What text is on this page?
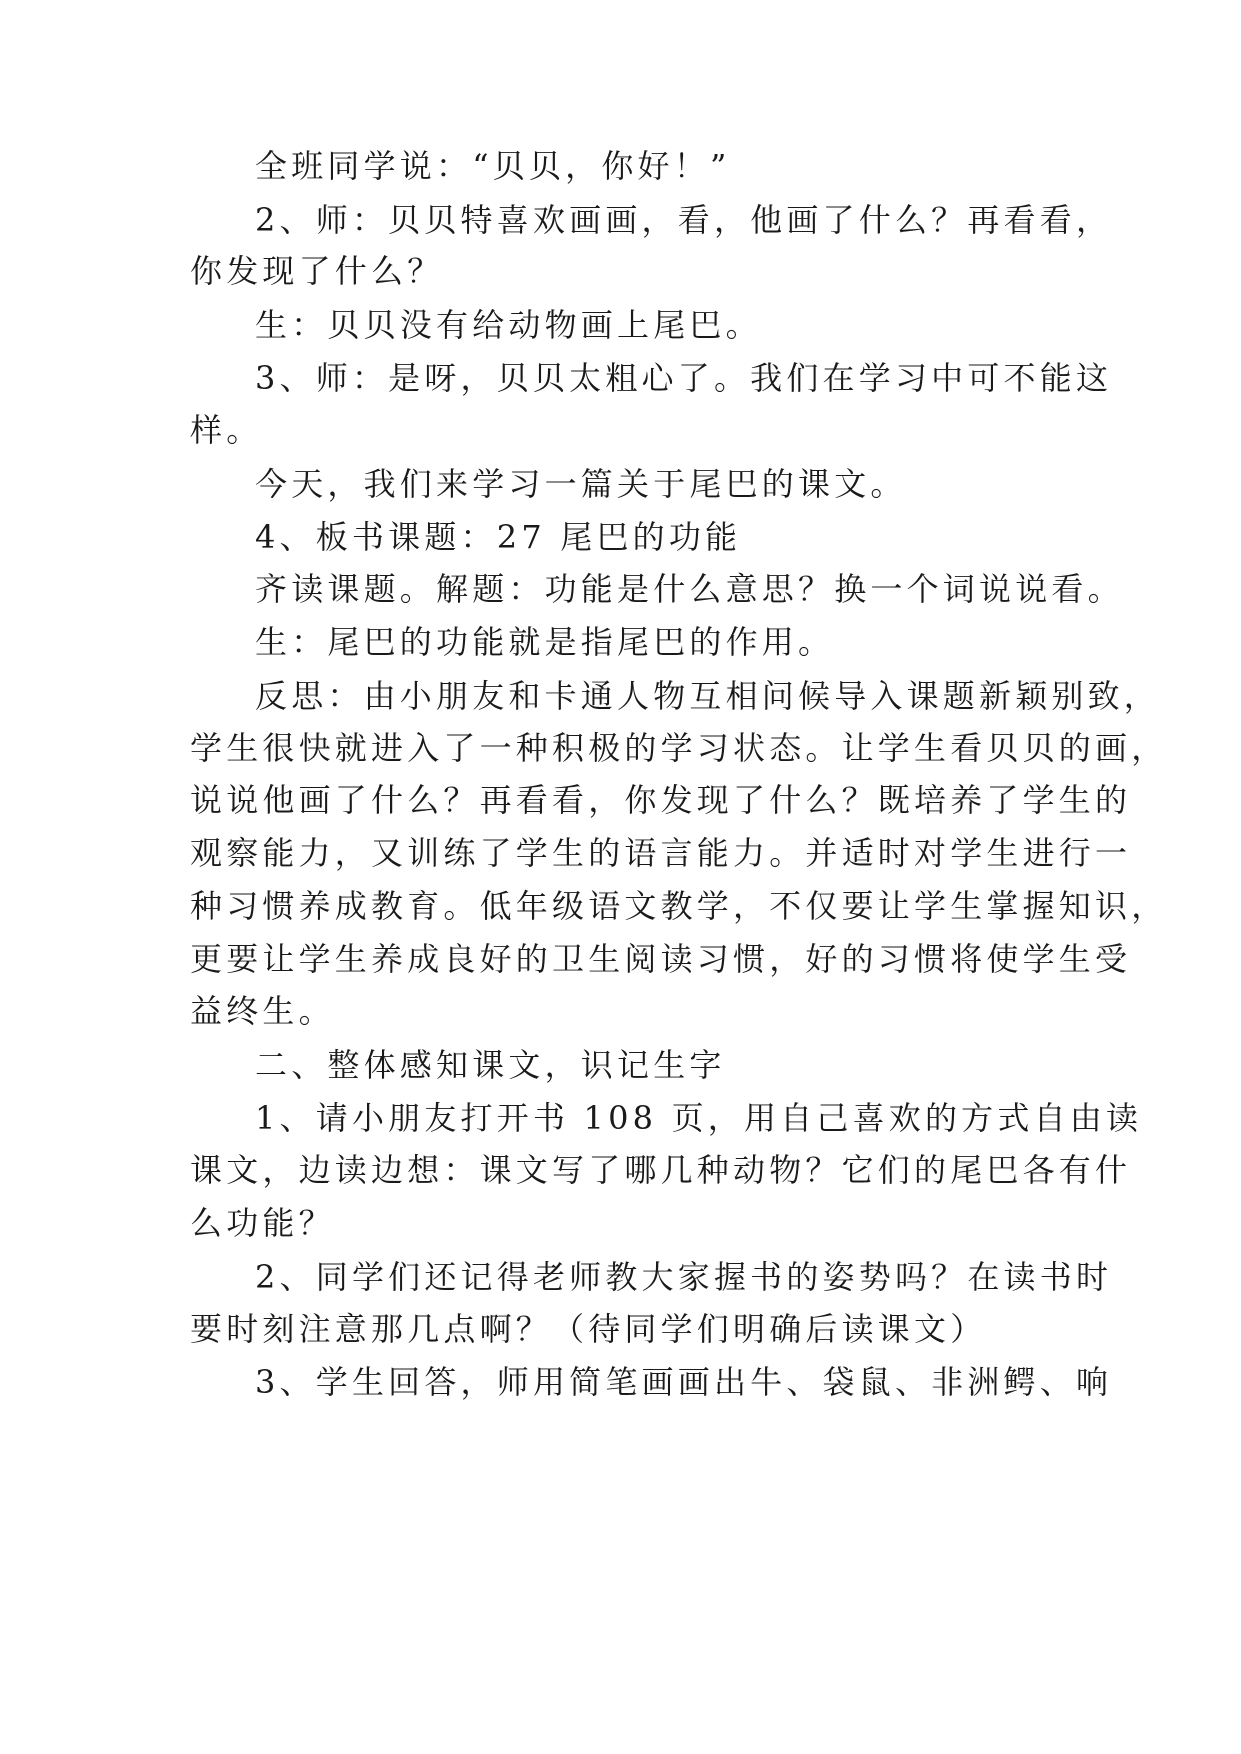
全班同学说：“贝贝，你好！”
2、师：贝贝特喜欢画画，看，他画了什么？再看看，
你发现了什么？
生：贝贝没有给动物画上尾巴。
3、师：是呀，贝贝太粗心了。我们在学习中可不能这
样。
今天，我们来学习一篇关于尾巴的课文。
4、板书课题：27 尾巴的功能
齐读课题。解题：功能是什么意思？换一个词说说看。
生：尾巴的功能就是指尾巴的作用。
反思：由小朋友和卡通人物互相问候导入课题新颖别致，
学生很快就进入了一种积极的学习状态。让学生看贝贝的画，
说说他画了什么？再看看，你发现了什么？既培养了学生的
观察能力，又训练了学生的语言能力。并适时对学生进行一
种习惯养成教育。低年级语文教学，不仅要让学生掌握知识，
更要让学生养成良好的卫生阅读习惯，好的习惯将使学生受
益终生。
二、整体感知课文，识记生字
1、请小朋友打开书 108 页，用自己喜欢的方式自由读
课文，边读边想：课文写了哪几种动物？它们的尾巴各有什
么功能？
2、同学们还记得老师教大家握书的姿势吗？在读书时
要时刻注意那几点啊？（待同学们明确后读课文）
3、学生回答，师用简笔画画出牛、袋鼠、非洲鳄、响
